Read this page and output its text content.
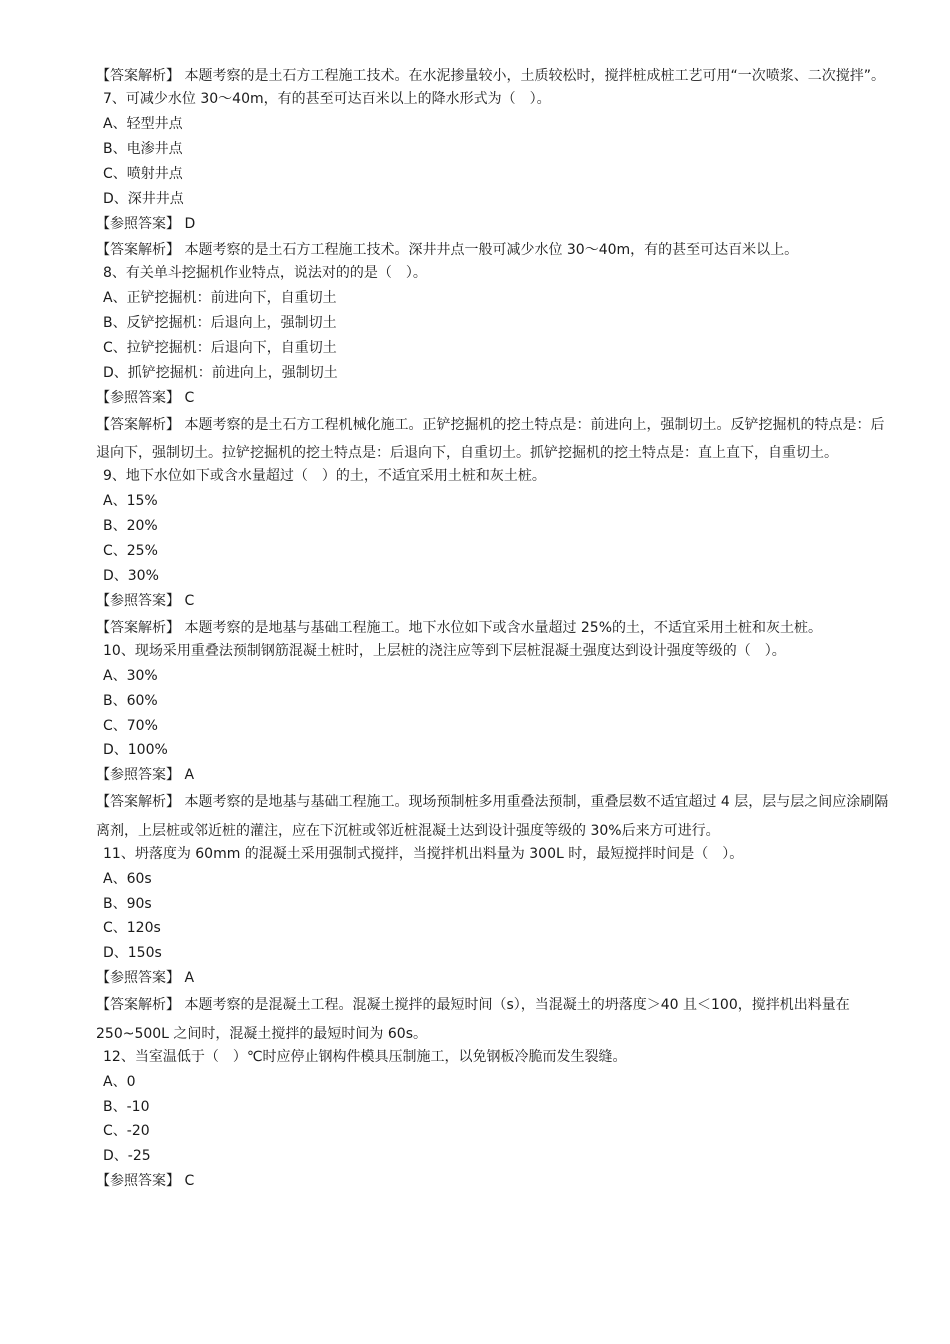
【答案解析】 本题考察的是土石方工程施工技术。在水泥掺量较小，土质较松时，搅拌桩成桩工艺可用“一次喷浆、二次搅拌”。
7、可减少水位 30～40m，有的甚至可达百米以上的降水形式为（　）。
A、轻型井点
B、电渗井点
C、喷射井点
D、深井井点
【参照答案】 D
【答案解析】 本题考察的是土石方工程施工技术。深井井点一般可减少水位 30～40m，有的甚至可达百米以上。
8、有关单斗挖掘机作业特点，说法对的的是（　）。
A、正铲挖掘机：前进向下，自重切土
B、反铲挖掘机：后退向上，强制切土
C、拉铲挖掘机：后退向下，自重切土
D、抓铲挖掘机：前进向上，强制切土
【参照答案】 C
【答案解析】 本题考察的是土石方工程机械化施工。正铲挖掘机的挖土特点是：前进向上，强制切土。反铲挖掘机的特点是：后退向下，强制切土。拉铲挖掘机的挖土特点是：后退向下，自重切土。抓铲挖掘机的挖土特点是：直上直下，自重切土。
9、地下水位如下或含水量超过（　）的土，不适宜采用土桩和灰土桩。
A、15%
B、20%
C、25%
D、30%
【参照答案】 C
【答案解析】 本题考察的是地基与基础工程施工。地下水位如下或含水量超过 25%的土，不适宜采用土桩和灰土桩。
10、现场采用重叠法预制钢筋混凝土桩时，上层桩的浇注应等到下层桩混凝土强度达到设计强度等级的（　）。
A、30%
B、60%
C、70%
D、100%
【参照答案】 A
【答案解析】 本题考察的是地基与基础工程施工。现场预制桩多用重叠法预制，重叠层数不适宜超过 4 层，层与层之间应涂刷隔离剂，上层桩或邻近桩的灌注，应在下沉桩或邻近桩混凝土达到设计强度等级的 30%后来方可进行。
11、坍落度为 60mm 的混凝土采用强制式搅拌，当搅拌机出料量为 300L 时，最短搅拌时间是（　）。
A、60s
B、90s
C、120s
D、150s
【参照答案】 A
【答案解析】 本题考察的是混凝土工程。混凝土搅拌的最短时间（s），当混凝土的坍落度＞40 且＜100，搅拌机出料量在 250~500L 之间时，混凝土搅拌的最短时间为 60s。
12、当室温低于（　）℃时应停止钢构件模具压制施工，以免钢板冷脆而发生裂缝。
A、0
B、-10
C、-20
D、-25
【参照答案】 C
